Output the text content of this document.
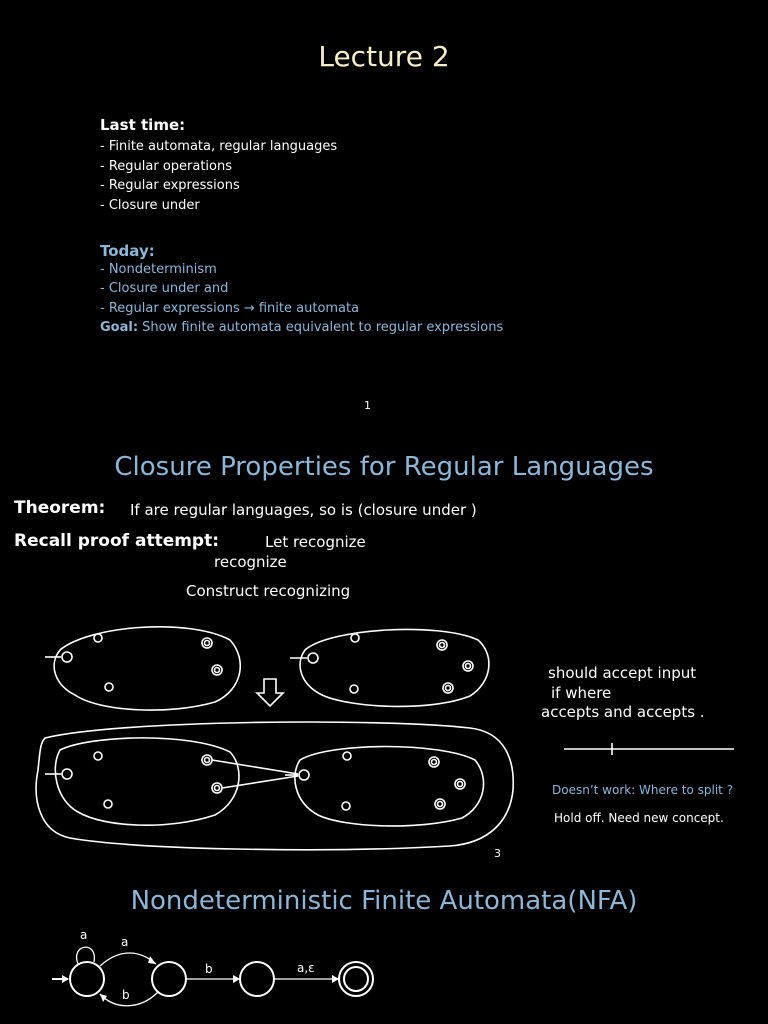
Lecture 2
Last time:
- Finite automata, regular languages
- Regular operations
- Regular expressions
- Closure under
Today:
- Nondeterminism
- Closure under and
- Regular expressions → finite automata
Goal: Show finite automata equivalent to regular expressions
1
Closure Properties for Regular Languages
Theorem: If are regular languages, so is (closure under )
Recall proof attempt:	Let recognize
recognize
Construct recognizing
should accept input
if where
accepts and accepts .
Doesn’t work: Where to split ?
Hold off. Need new concept.
3
Nondeterministic Finite Automata(NFA)
a	a
b	a,ε
b
